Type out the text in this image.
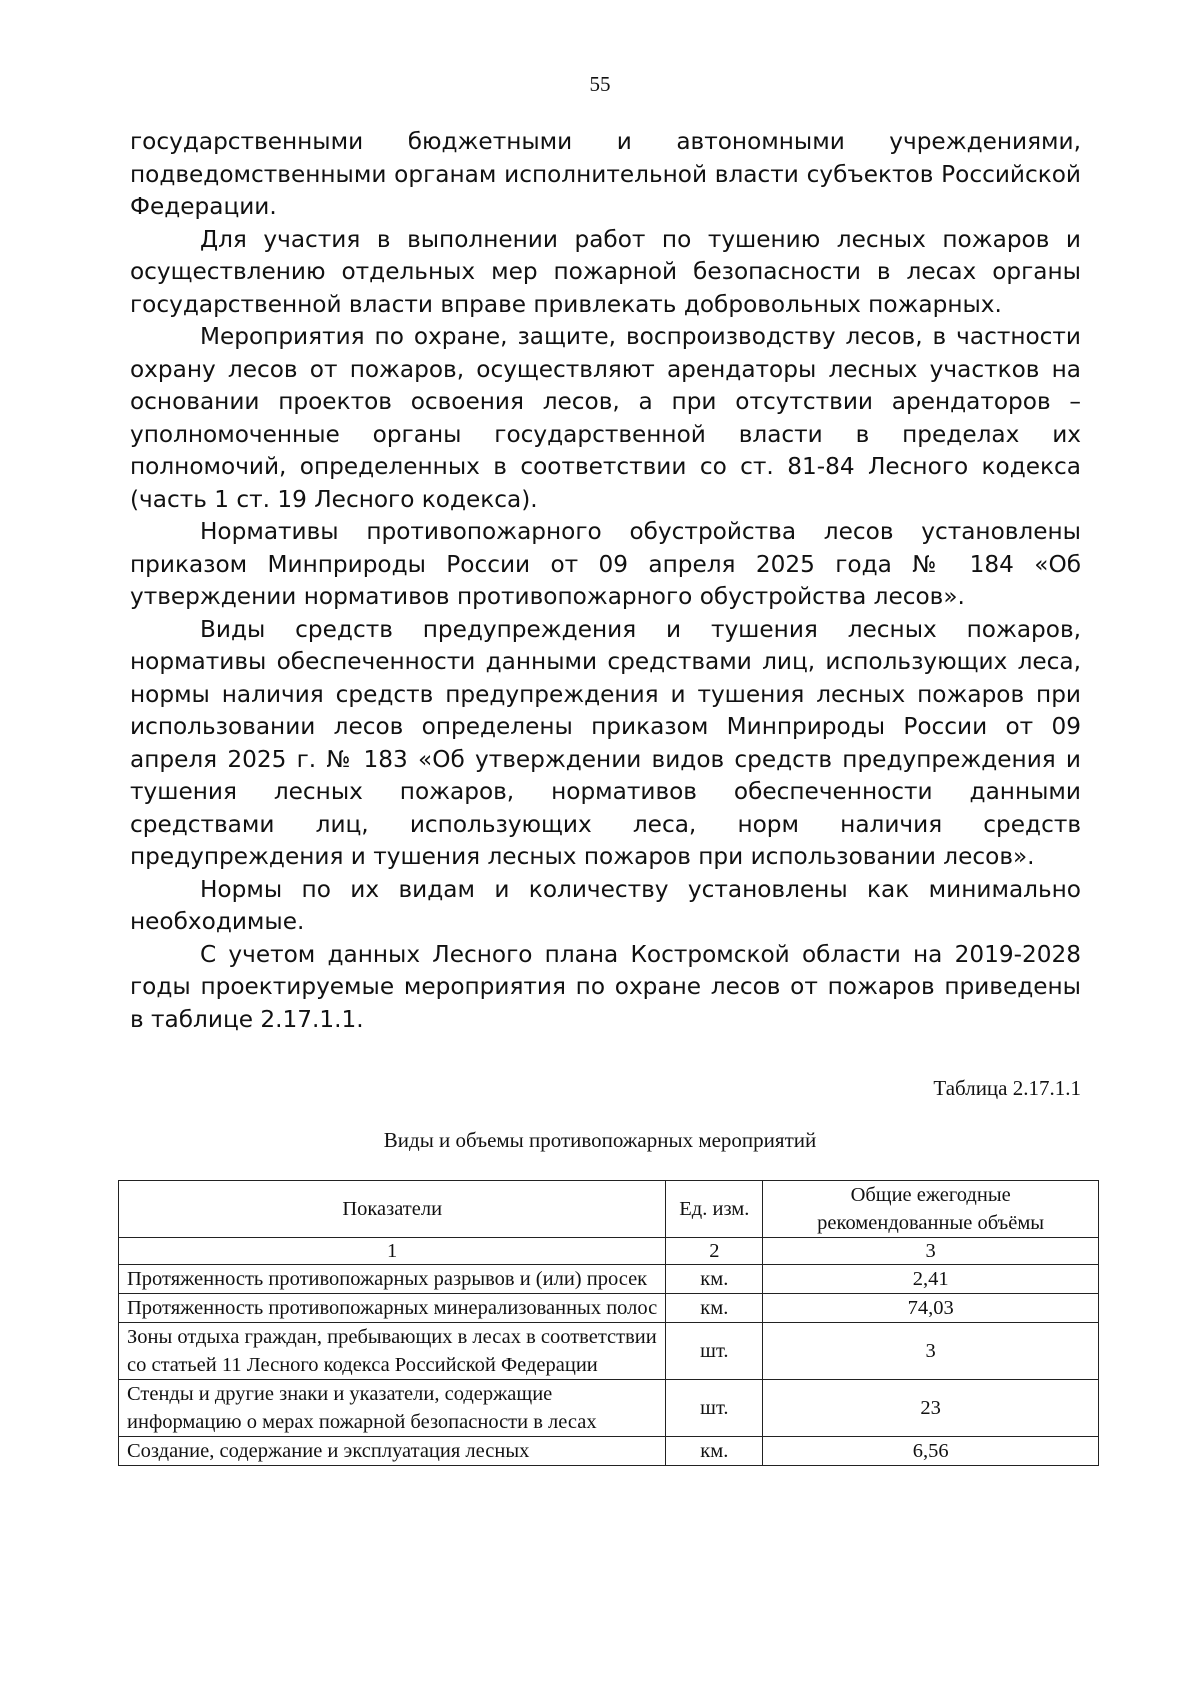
55

государственными бюджетными и автономными учреждениями, подведомственными органам исполнительной власти субъектов Российской Федерации.

Для участия в выполнении работ по тушению лесных пожаров и осуществлению отдельных мер пожарной безопасности в лесах органы государственной власти вправе привлекать добровольных пожарных.

Мероприятия по охране, защите, воспроизводству лесов, в частности охрану лесов от пожаров, осуществляют арендаторы лесных участков на основании проектов освоения лесов, а при отсутствии арендаторов – уполномоченные органы государственной власти в пределах их полномочий, определенных в соответствии со ст. 81-84 Лесного кодекса (часть 1 ст. 19 Лесного кодекса).

Нормативы противопожарного обустройства лесов установлены приказом Минприроды России от 09 апреля 2025 года № 184 «Об утверждении нормативов противопожарного обустройства лесов».

Виды средств предупреждения и тушения лесных пожаров, нормативы обеспеченности данными средствами лиц, использующих леса, нормы наличия средств предупреждения и тушения лесных пожаров при использовании лесов определены приказом Минприроды России от 09 апреля 2025 г. № 183 «Об утверждении видов средств предупреждения и тушения лесных пожаров, нормативов обеспеченности данными средствами лиц, использующих леса, норм наличия средств предупреждения и тушения лесных пожаров при использовании лесов».

Нормы по их видам и количеству установлены как минимально необходимые.

С учетом данных Лесного плана Костромской области на 2019-2028 годы проектируемые мероприятия по охране лесов от пожаров приведены в таблице 2.17.1.1.

Таблица 2.17.1.1
Виды и объемы противопожарных мероприятий
Показатели	Ед. изм.	Общие ежегодные рекомендованные объёмы
1	2	3
Протяженность противопожарных разрывов и (или) просек	км.	2,41
Протяженность противопожарных минерализованных полос	км.	74,03
Зоны отдыха граждан, пребывающих в лесах в соответствии со статьей 11 Лесного кодекса Российской Федерации	шт.	3
Стенды и другие знаки и указатели, содержащие информацию о мерах пожарной безопасности в лесах	шт.	23
Создание, содержание и эксплуатация лесных	км.	6,56
